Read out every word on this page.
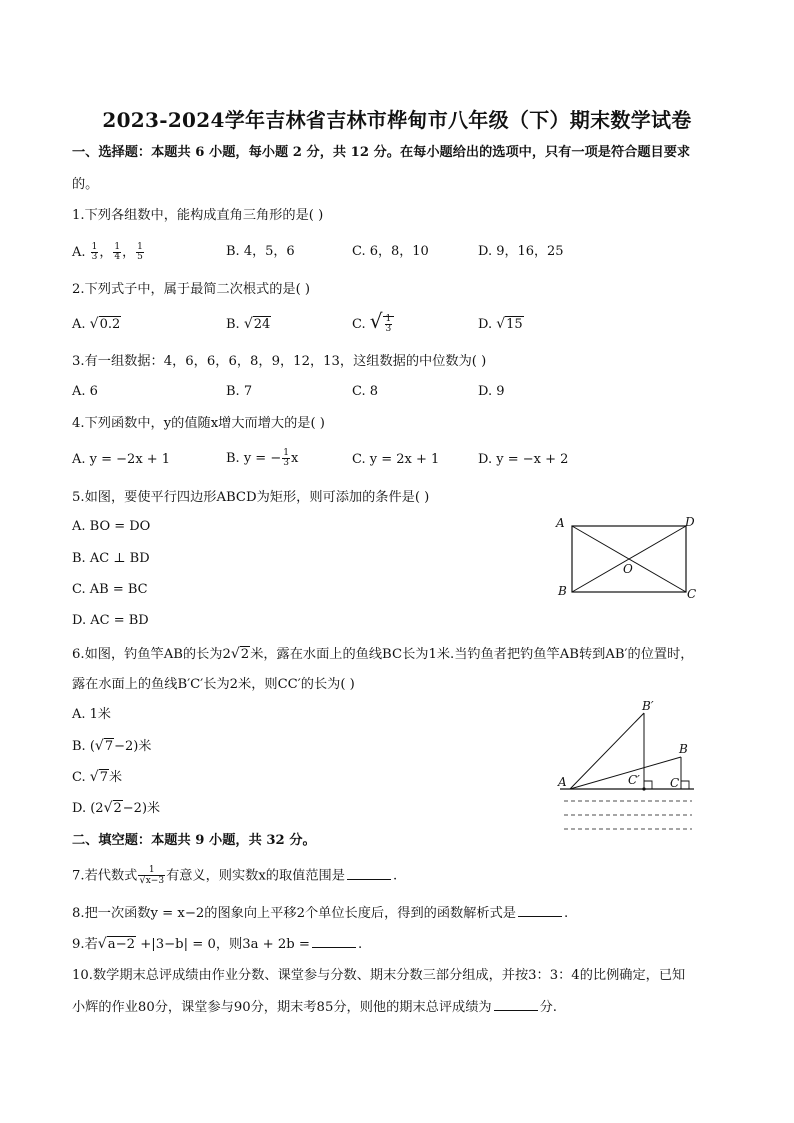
2023-2024学年吉林省吉林市桦甸市八年级（下）期末数学试卷
一、选择题：本题共 6 小题，每小题 2 分，共 12 分。在每小题给出的选项中，只有一项是符合题目要求
的。
1.下列各组数中，能构成直角三角形的是( )
A. $\frac{1}{3}$ ， $\frac{1}{4}$ ， $\frac{1}{5}$	B. 4，5，6	C. 6，8，10	D. 9，16，25
2.下列式子中，属于最简二次根式的是( )
A. √0.2	B. √24	C. √ $\frac{1}{3}$	D. √15
3.有一组数据：4，6，6，6，8，9，12，13，这组数据的中位数为( )
A. 6	B. 7	C. 8	D. 9
4.下列函数中，y的值随x增大而增大的是( )
A. y = −2x + 1	B. y = − $\frac{1}{3}$ x	C. y = 2x + 1	D. y = −x + 2
5.如图，要使平行四边形ABCD为矩形，则可添加的条件是( )
A. BO = DO
B. AC ⊥ BD
C. AB = BC
D. AC = BD
A	D
B	C
O
6.如图，钓鱼竿AB的长为2√2米，露在水面上的鱼线BC长为1米.当钓鱼者把钓鱼竿AB转到AB′的位置时，
露在水面上的鱼线B′C′长为2米，则CC′的长为( )
A. 1米
B. (√7−2)米
C. √7米
D. (2√2−2)米
A
B′
B
C′	C
二、填空题：本题共 9 小题，共 32 分。
7.若代数式 $\frac{1}{√x-3}$ 有意义，则实数x的取值范围是	.
8.把一次函数y = x−2的图象向上平移2个单位长度后，得到的函数解析式是	.
9.若√a−2 +|3−b| = 0，则3a + 2b =	.
10.数学期末总评成绩由作业分数、课堂参与分数、期末分数三部分组成，并按3：3：4的比例确定，已知
小辉的作业80分，课堂参与90分，期末考85分，则他的期末总评成绩为	分.
